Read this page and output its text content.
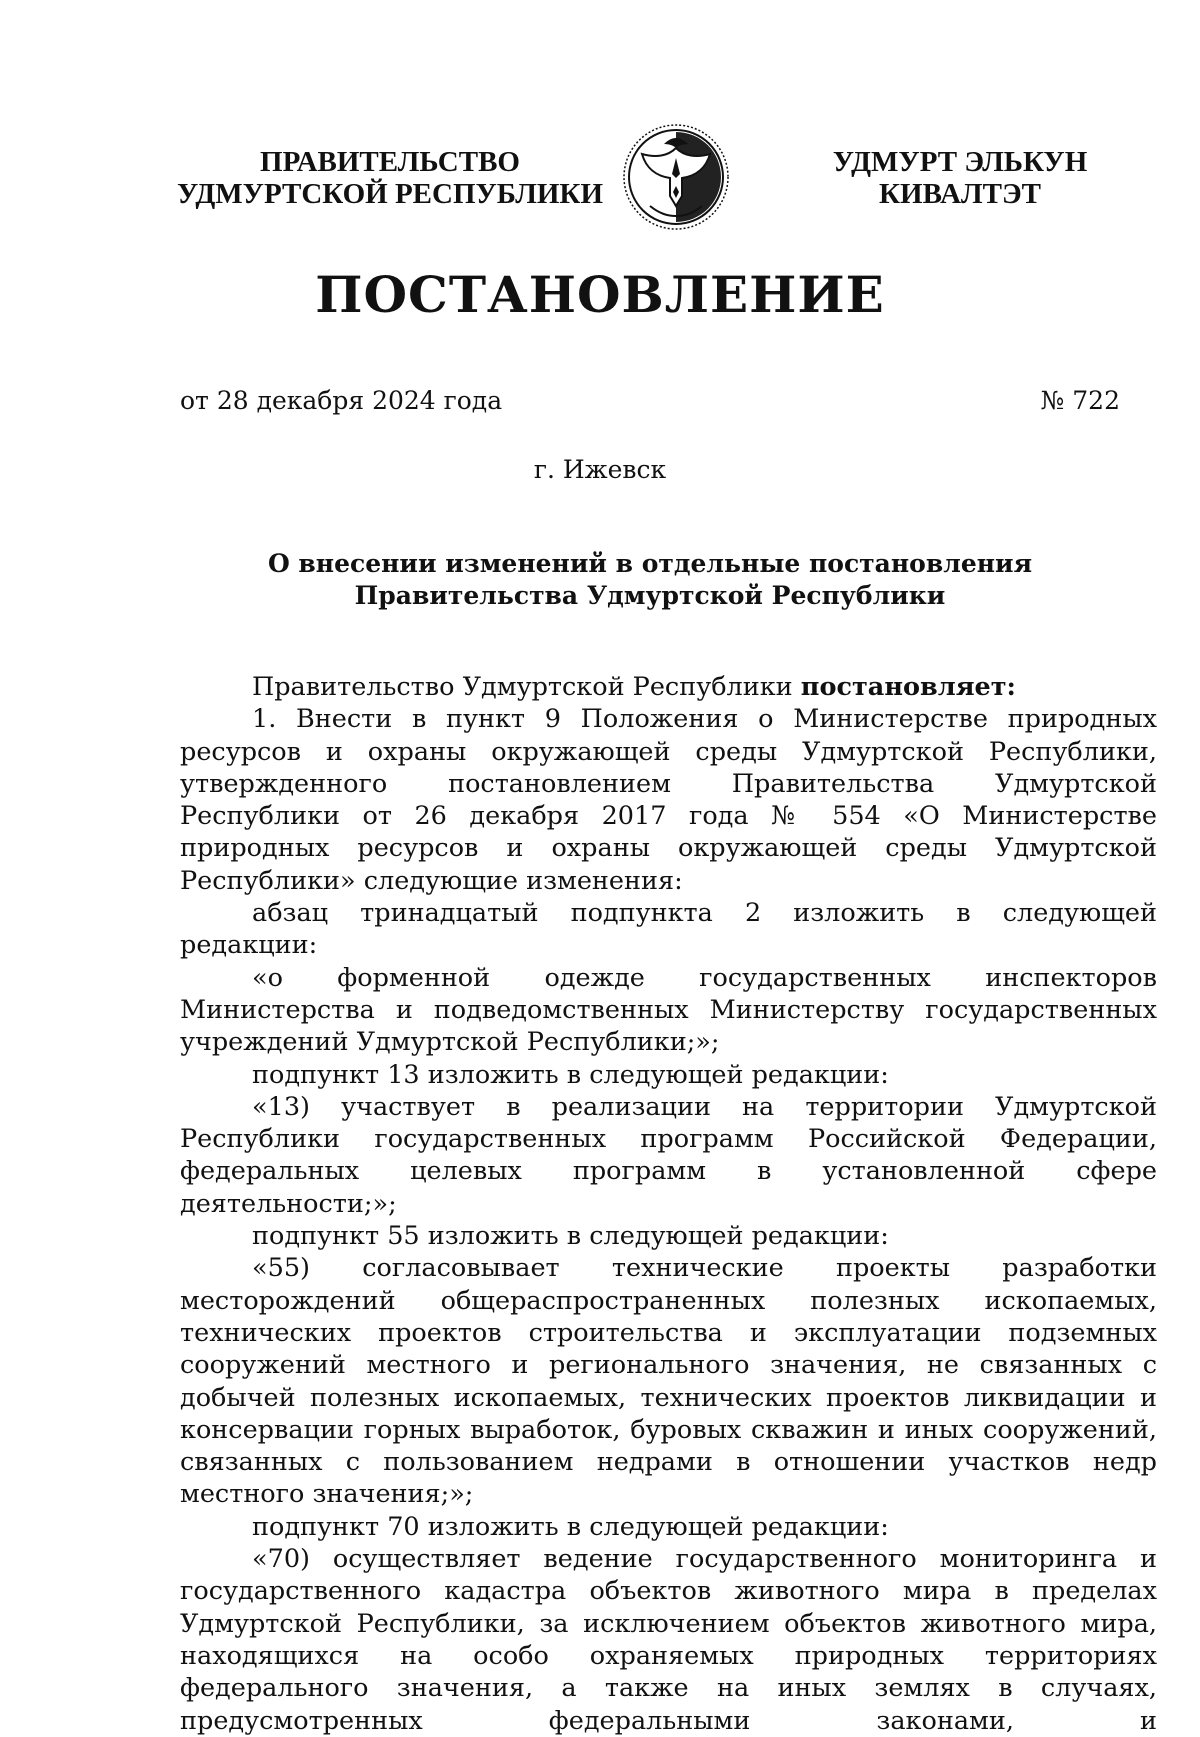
ПРАВИТЕЛЬСТВО
УДМУРТСКОЙ РЕСПУБЛИКИ
УДМУРТ ЭЛЬКУН
КИВАЛТЭТ
ПОСТАНОВЛЕНИЕ
от 28 декабря 2024 года	№ 722
г. Ижевск
О внесении изменений в отдельные постановления
Правительства Удмуртской Республики

Правительство Удмуртской Республики постановляет:

1. Внести в пункт 9 Положения о Министерстве природных ресурсов и охраны окружающей среды Удмуртской Республики, утвержденного постановлением Правительства Удмуртской Республики от 26 декабря 2017 года № 554 «О Министерстве природных ресурсов и охраны окружающей среды Удмуртской Республики» следующие изменения:

абзац тринадцатый подпункта 2 изложить в следующей редакции:

«о форменной одежде государственных инспекторов Министерства и подведомственных Министерству государственных учреждений Удмуртской Республики;»;

подпункт 13 изложить в следующей редакции:

«13) участвует в реализации на территории Удмуртской Республики государственных программ Российской Федерации, федеральных целевых программ в установленной сфере деятельности;»;

подпункт 55 изложить в следующей редакции:

«55) согласовывает технические проекты разработки месторождений общераспространенных полезных ископаемых, технических проектов строительства и эксплуатации подземных сооружений местного и регионального значения, не связанных с добычей полезных ископаемых, технических проектов ликвидации и консервации горных выработок, буровых скважин и иных сооружений, связанных с пользованием недрами в отношении участков недр местного значения;»;

подпункт 70 изложить в следующей редакции:

«70) осуществляет ведение государственного мониторинга и государственного кадастра объектов животного мира в пределах Удмуртской Республики, за исключением объектов животного мира, находящихся на особо охраняемых природных территориях федерального значения, а также на иных землях в случаях, предусмотренных федеральными законами, и
